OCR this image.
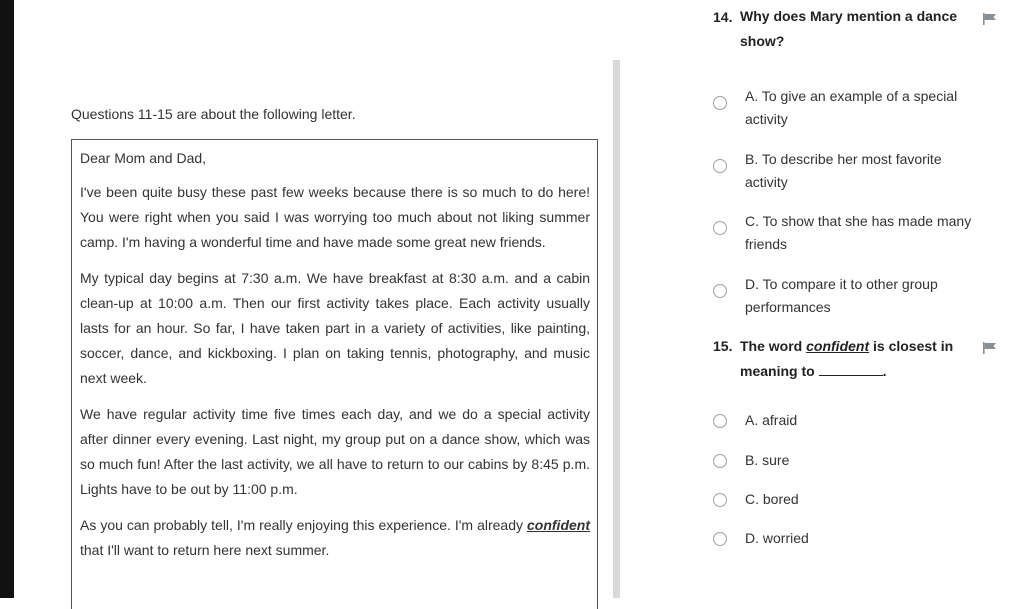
Questions 11-15 are about the following letter.

Dear Mom and Dad,

I've been quite busy these past few weeks because there is so much to do here! You were right when you said I was worrying too much about not liking summer camp. I'm having a wonderful time and have made some great new friends.

My typical day begins at 7:30 a.m. We have breakfast at 8:30 a.m. and a cabin clean-up at 10:00 a.m. Then our first activity takes place. Each activity usually lasts for an hour. So far, I have taken part in a variety of activities, like painting, soccer, dance, and kickboxing. I plan on taking tennis, photography, and music next week.

We have regular activity time five times each day, and we do a special activity after dinner every evening. Last night, my group put on a dance show, which was so much fun! After the last activity, we all have to return to our cabins by 8:45 p.m. Lights have to be out by 11:00 p.m.

As you can probably tell, I'm really enjoying this experience. I'm already confident that I'll want to return here next summer.

14. Why does Mary mention a dance show?
A. To give an example of a special activity
B. To describe her most favorite activity
C. To show that she has made many friends
D. To compare it to other group performances
15. The word confident is closest in meaning to	.
A. afraid
B. sure
C. bored
D. worried
